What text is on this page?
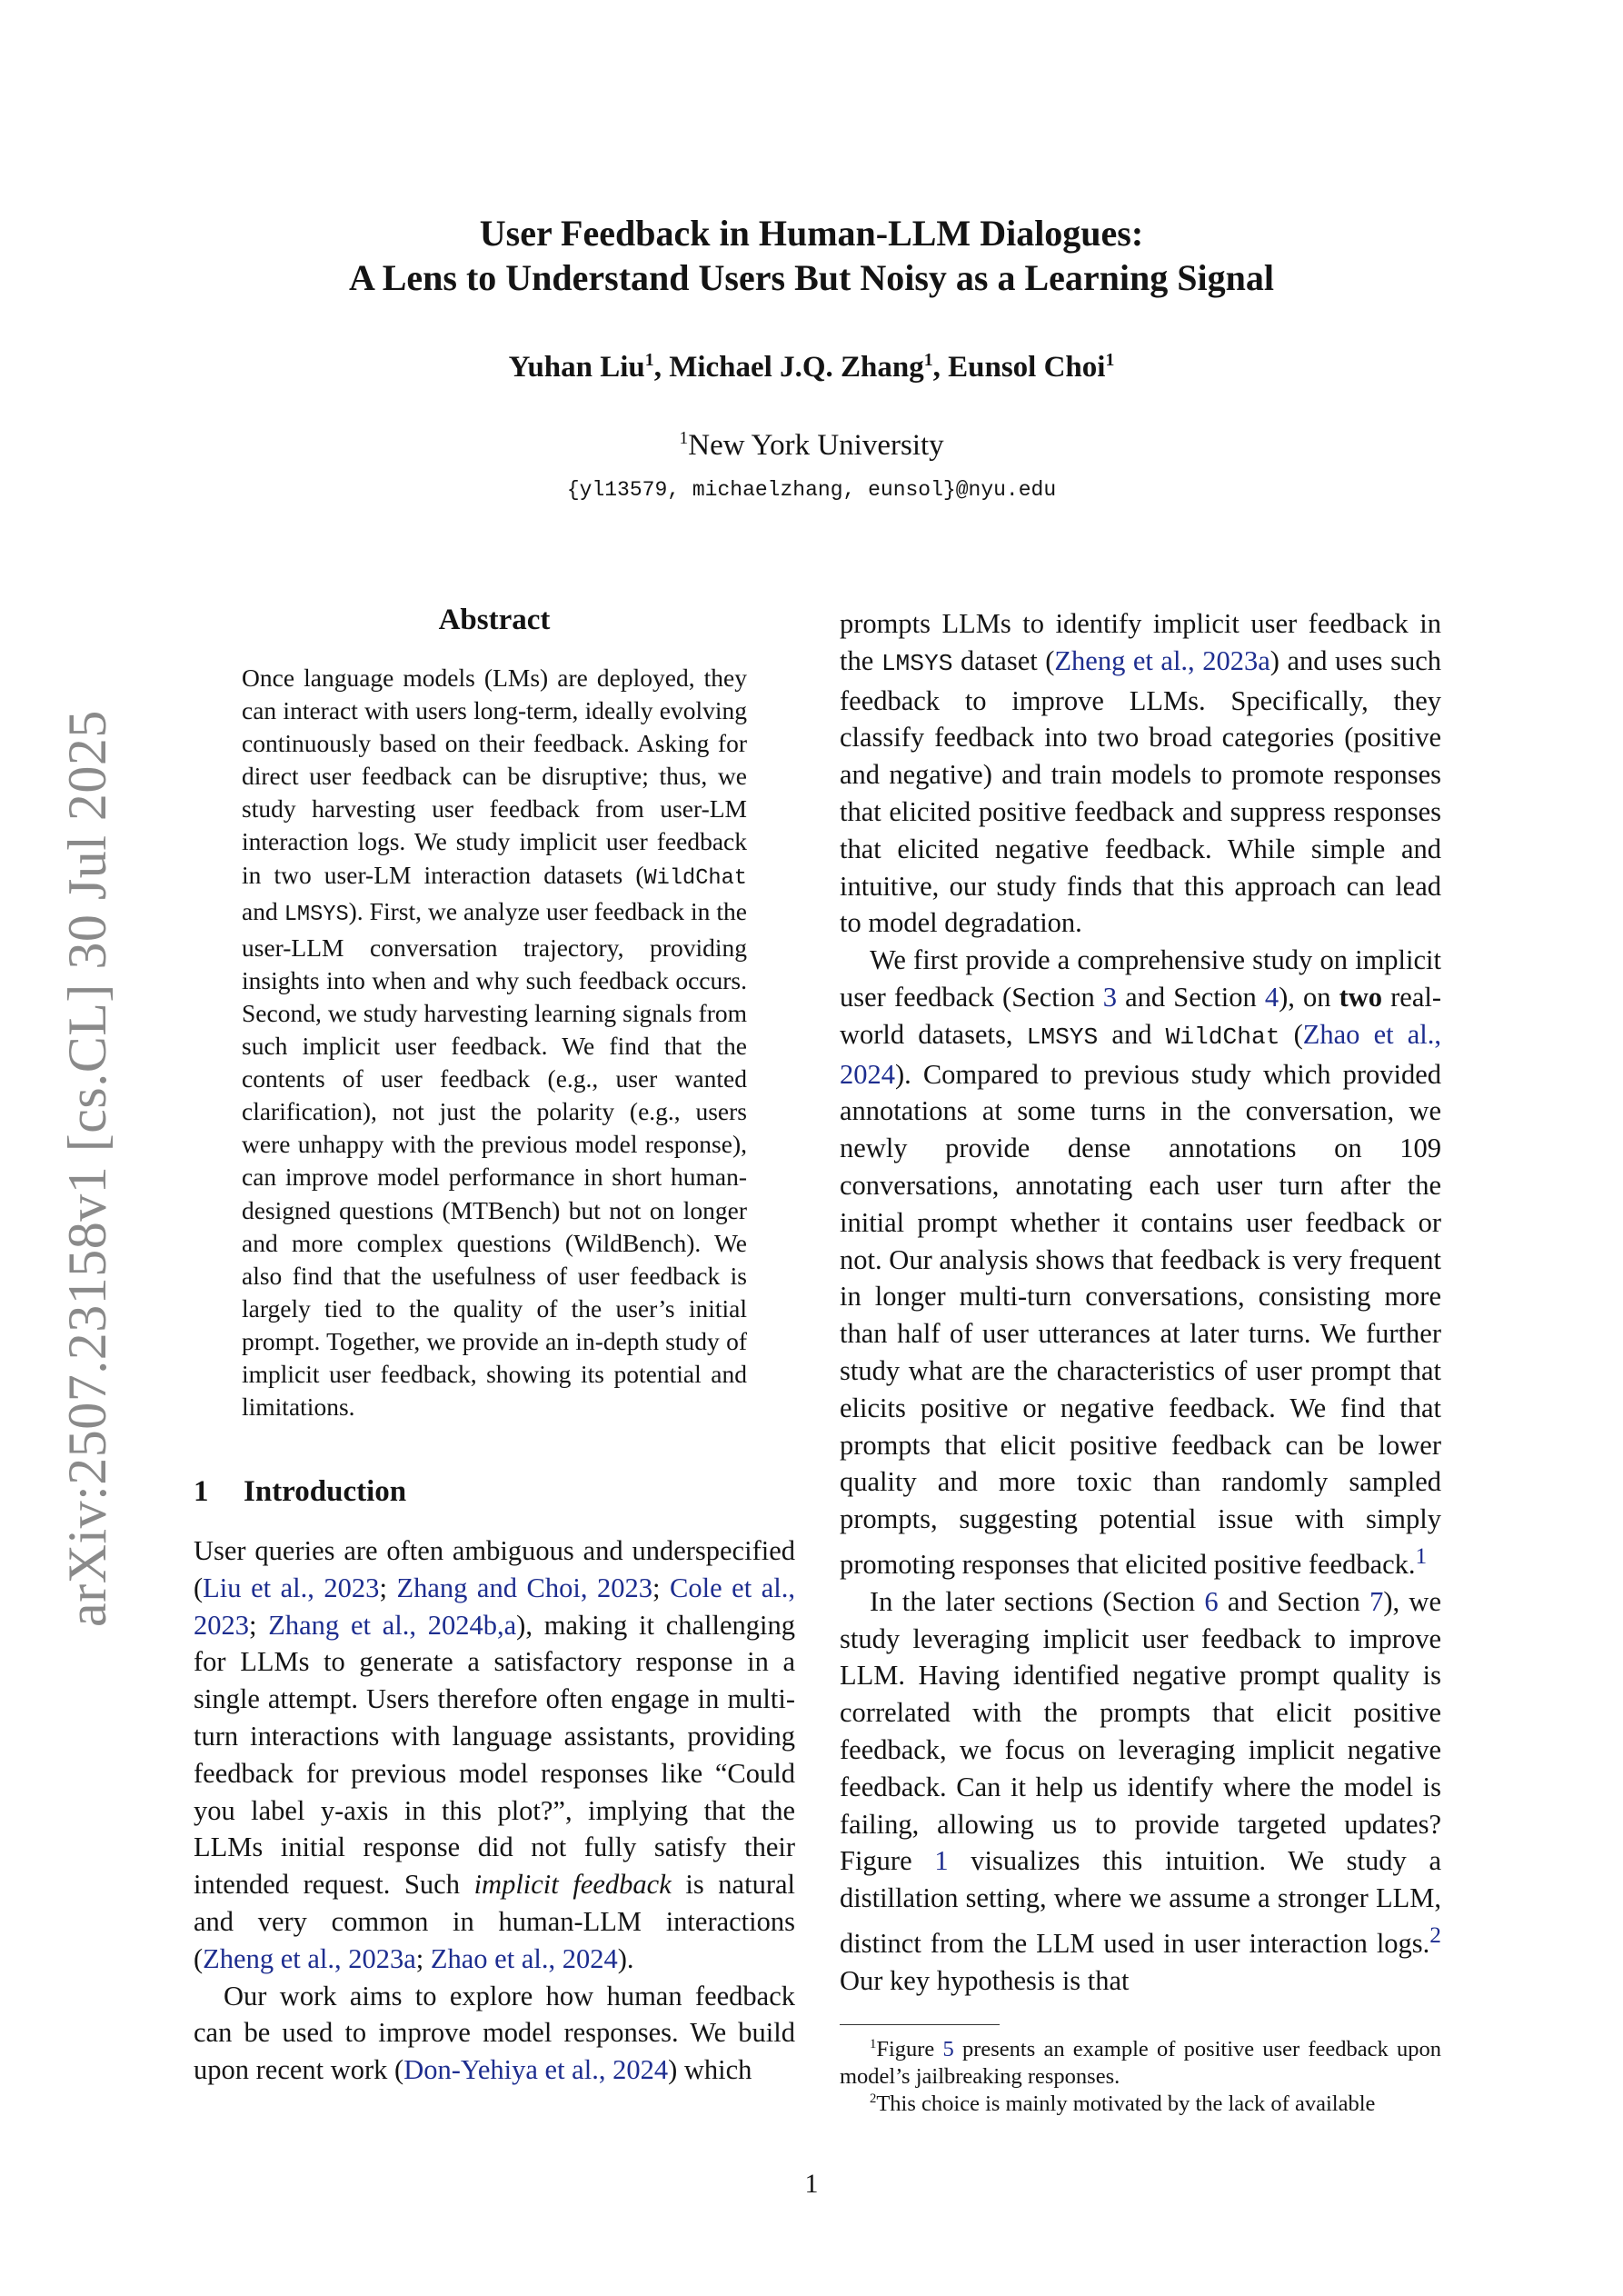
User Feedback in Human-LLM Dialogues:
A Lens to Understand Users But Noisy as a Learning Signal
Yuhan Liu$^1$, Michael J.Q. Zhang$^1$, Eunsol Choi$^1$
$^1$New York University
{yl13579, michaelzhang, eunsol}@nyu.edu
arXiv:2507.23158v1 [cs.CL] 30 Jul 2025
Abstract
Once language models (LMs) are deployed, they can interact with users long-term, ideally evolving continuously based on their feedback. Asking for direct user feedback can be disruptive; thus, we study harvesting user feedback from user-LM interaction logs. We study implicit user feedback in two user-LM interaction datasets (WildChat and LMSYS). First, we analyze user feedback in the user-LLM conversation trajectory, providing insights into when and why such feedback occurs. Second, we study harvesting learning signals from such implicit user feedback. We find that the contents of user feedback (e.g., user wanted clarification), not just the polarity (e.g., users were unhappy with the previous model response), can improve model performance in short human-designed questions (MTBench) but not on longer and more complex questions (WildBench). We also find that the usefulness of user feedback is largely tied to the quality of the user’s initial prompt. Together, we provide an in-depth study of implicit user feedback, showing its potential and limitations.
1 Introduction

User queries are often ambiguous and underspecified (Liu et al., 2023; Zhang and Choi, 2023; Cole et al., 2023; Zhang et al., 2024b,a), making it challenging for LLMs to generate a satisfactory response in a single attempt. Users therefore often engage in multi-turn interactions with language assistants, providing feedback for previous model responses like “Could you label y-axis in this plot?”, implying that the LLMs initial response did not fully satisfy their intended request. Such implicit feedback is natural and very common in human-LLM interactions (Zheng et al., 2023a; Zhao et al., 2024).

Our work aims to explore how human feedback can be used to improve model responses. We build upon recent work (Don-Yehiya et al., 2024) which

prompts LLMs to identify implicit user feedback in the LMSYS dataset (Zheng et al., 2023a) and uses such feedback to improve LLMs. Specifically, they classify feedback into two broad categories (positive and negative) and train models to promote responses that elicited positive feedback and suppress responses that elicited negative feedback. While simple and intuitive, our study finds that this approach can lead to model degradation.

We first provide a comprehensive study on implicit user feedback (Section 3 and Section 4), on two real-world datasets, LMSYS and WildChat (Zhao et al., 2024). Compared to previous study which provided annotations at some turns in the conversation, we newly provide dense annotations on 109 conversations, annotating each user turn after the initial prompt whether it contains user feedback or not. Our analysis shows that feedback is very frequent in longer multi-turn conversations, consisting more than half of user utterances at later turns. We further study what are the characteristics of user prompt that elicits positive or negative feedback. We find that prompts that elicit positive feedback can be lower quality and more toxic than randomly sampled prompts, suggesting potential issue with simply promoting responses that elicited positive feedback.$^1$

In the later sections (Section 6 and Section 7), we study leveraging implicit user feedback to improve LLM. Having identified negative prompt quality is correlated with the prompts that elicit positive feedback, we focus on leveraging implicit negative feedback. Can it help us identify where the model is failing, allowing us to provide targeted updates? Figure 1 visualizes this intuition. We study a distillation setting, where we assume a stronger LLM, distinct from the LLM used in user interaction logs.$^2$ Our key hypothesis is that

$^1$Figure 5 presents an example of positive user feedback upon model’s jailbreaking responses.

$^2$This choice is mainly motivated by the lack of available

1
